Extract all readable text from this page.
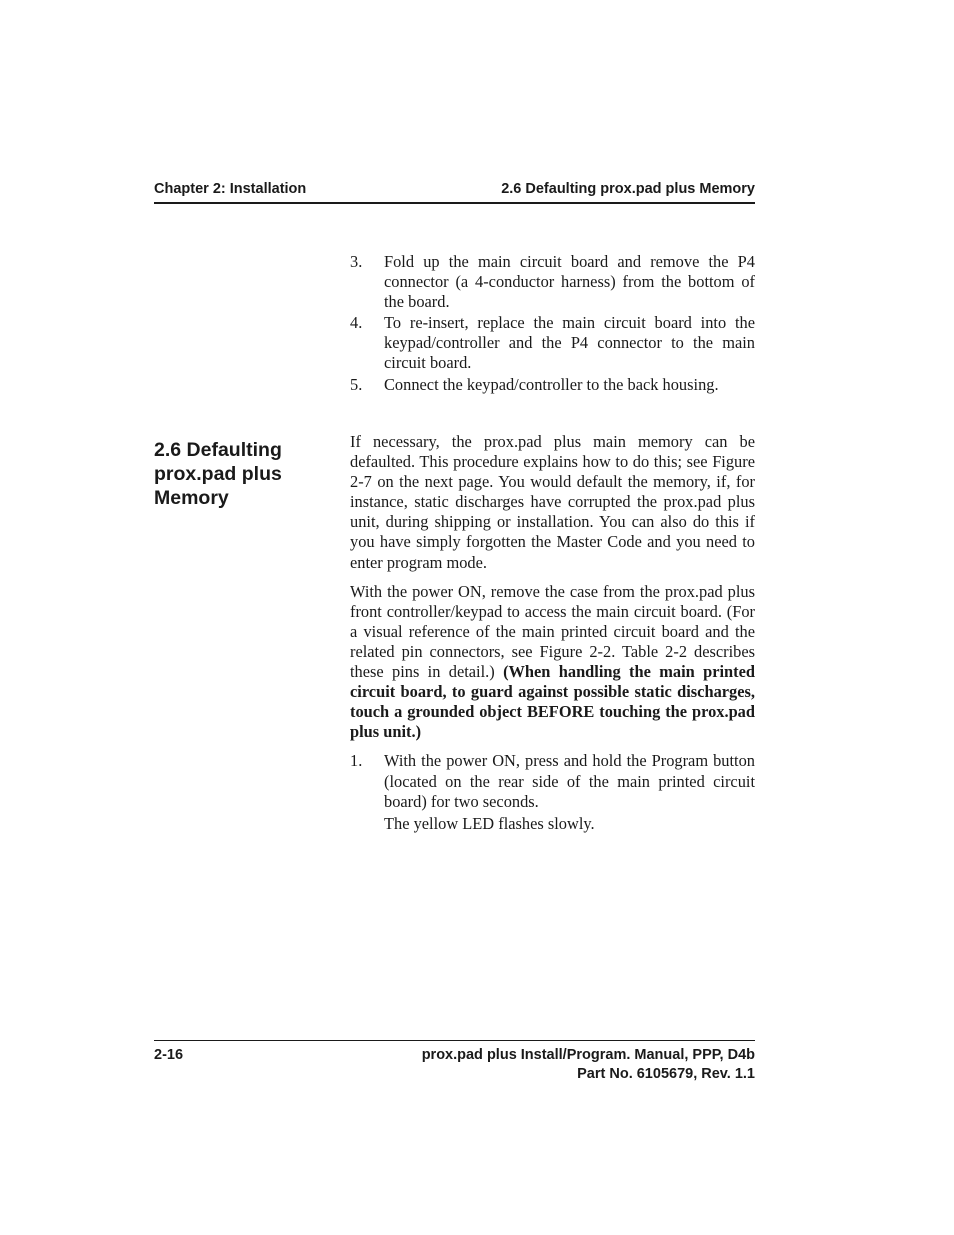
Chapter 2: Installation	2.6 Defaulting prox.pad plus Memory
3. Fold up the main circuit board and remove the P4 connector (a 4-conductor harness) from the bottom of the board.
4. To re-insert, replace the main circuit board into the keypad/controller and the P4 connector to the main circuit board.
5. Connect the keypad/controller to the back housing.
2.6 Defaulting prox.pad plus Memory

If necessary, the prox.pad plus main memory can be defaulted. This procedure explains how to do this; see Figure 2-7 on the next page. You would default the memory, if, for instance, static discharges have corrupted the prox.pad plus unit, during shipping or installation. You can also do this if you have simply forgotten the Master Code and you need to enter program mode.

With the power ON, remove the case from the prox.pad plus front controller/keypad to access the main circuit board. (For a visual reference of the main printed circuit board and the related pin connectors, see Figure 2-2. Table 2-2 describes these pins in detail.) (When handling the main printed circuit board, to guard against possible static discharges, touch a grounded object BEFORE touching the prox.pad plus unit.)

1. With the power ON, press and hold the Program button (located on the rear side of the main printed circuit board) for two seconds.
The yellow LED flashes slowly.
2-16	prox.pad plus Install/Program. Manual, PPP, D4b
Part No. 6105679, Rev. 1.1
